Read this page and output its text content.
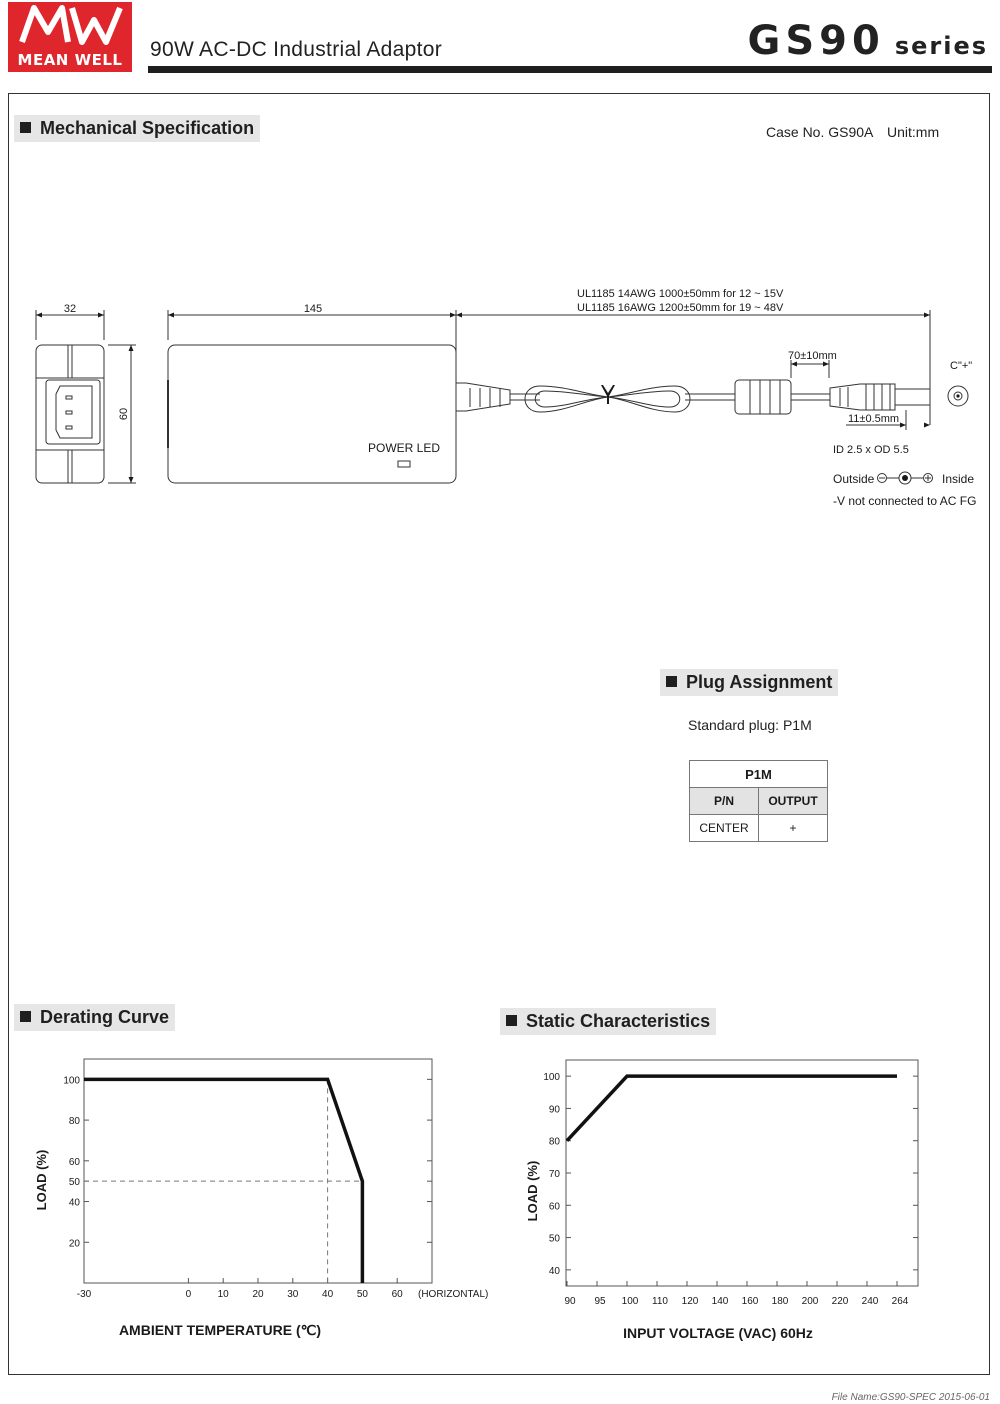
MEAN WELL	90W AC-DC Industrial Adaptor	GS90 series
Mechanical Specification	Case No. GS90A Unit:mm
32	145
60
UL1185 14AWG 1000±50mm for 12 ~ 15V
UL1185 16AWG 1200±50mm for 19 ~ 48V
70±10mm
11±0.5mm
C"+"
POWER LED	ID 2.5 x OD 5.5
Outside	Inside
-V not connected to AC FG
Plug Assignment
Standard plug: P1M
P1M	
P/N	OUTPUT
CENTER	+
Derating Curve
-30	0	10 20 30 40 50 60 (HORIZONTAL)
20
40
50
60
80
100
AMBIENT TEMPERATURE (℃)
LOAD (%)
Static Characteristics
90 95 100 110 120 140 160 180 200 220 240 264
40
50
60
70
80
90
100
INPUT VOLTAGE (VAC) 60Hz
LOAD (%)
File Name:GS90-SPEC 2015-06-01
